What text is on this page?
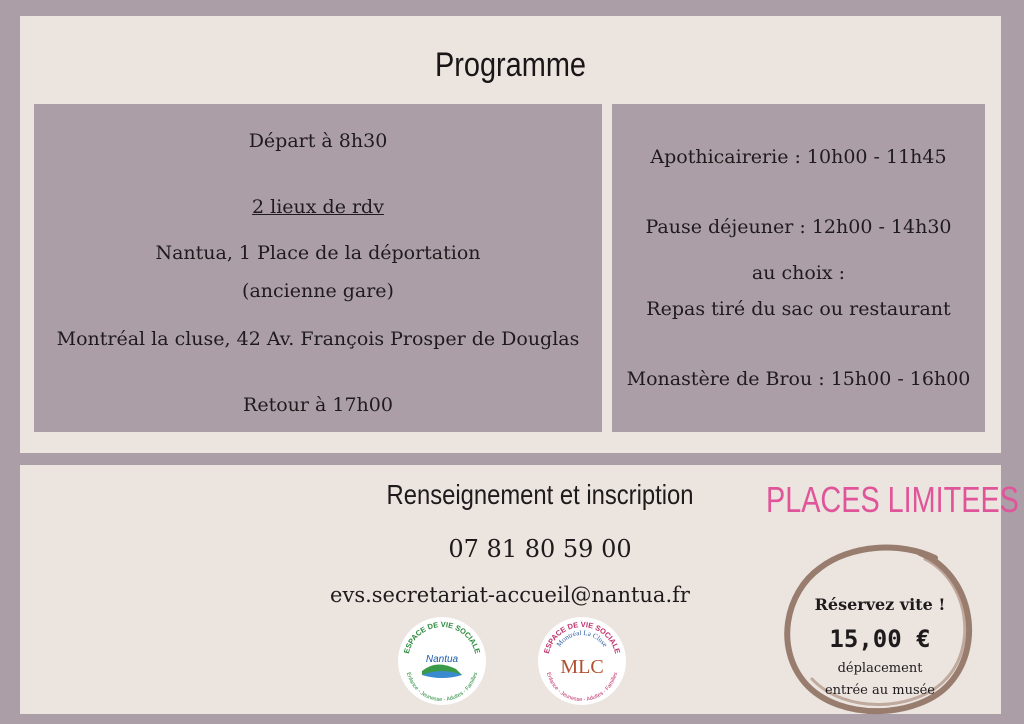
Programme
Départ à 8h30
2 lieux de rdv
Nantua, 1 Place de la déportation
(ancienne gare)
Montréal la cluse, 42 Av. François Prosper de Douglas
Retour à 17h00
Apothicairerie : 10h00 - 11h45
Pause déjeuner : 12h00 - 14h30
au choix :
Repas tiré du sac ou restaurant
Monastère de Brou : 15h00 - 16h00
Renseignement et inscription
07 81 80 59 00
evs.secretariat-accueil@nantua.fr
PLACES LIMITEES
ESPACE DE VIE SOCIALE
Enfance - Jeunesse - Adultes - Familles
Nantua
ESPACE DE VIE SOCIALE
Montréal La Cluse
Enfance - Jeunesse - Adultes - Familles
MLC
Réservez vite !
15,00 €
déplacement
entrée au musée
